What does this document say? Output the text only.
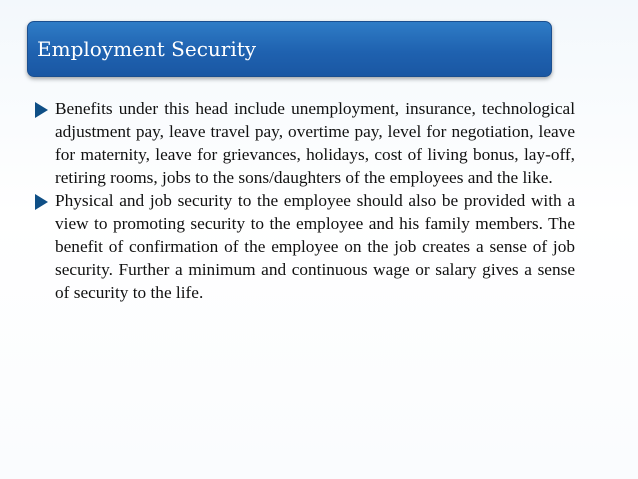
Employment Security
Benefits under this head include unemployment, insurance, technological adjustment pay, leave travel pay, overtime pay, level for negotiation, leave for maternity, leave for grievances, holidays, cost of living bonus, lay-off, retiring rooms, jobs to the sons/daughters of the employees and the like.
Physical and job security to the employee should also be provided with a view to promoting security to the employee and his family members. The benefit of confirmation of the employee on the job creates a sense of job security. Further a minimum and continuous wage or salary gives a sense of security to the life.
